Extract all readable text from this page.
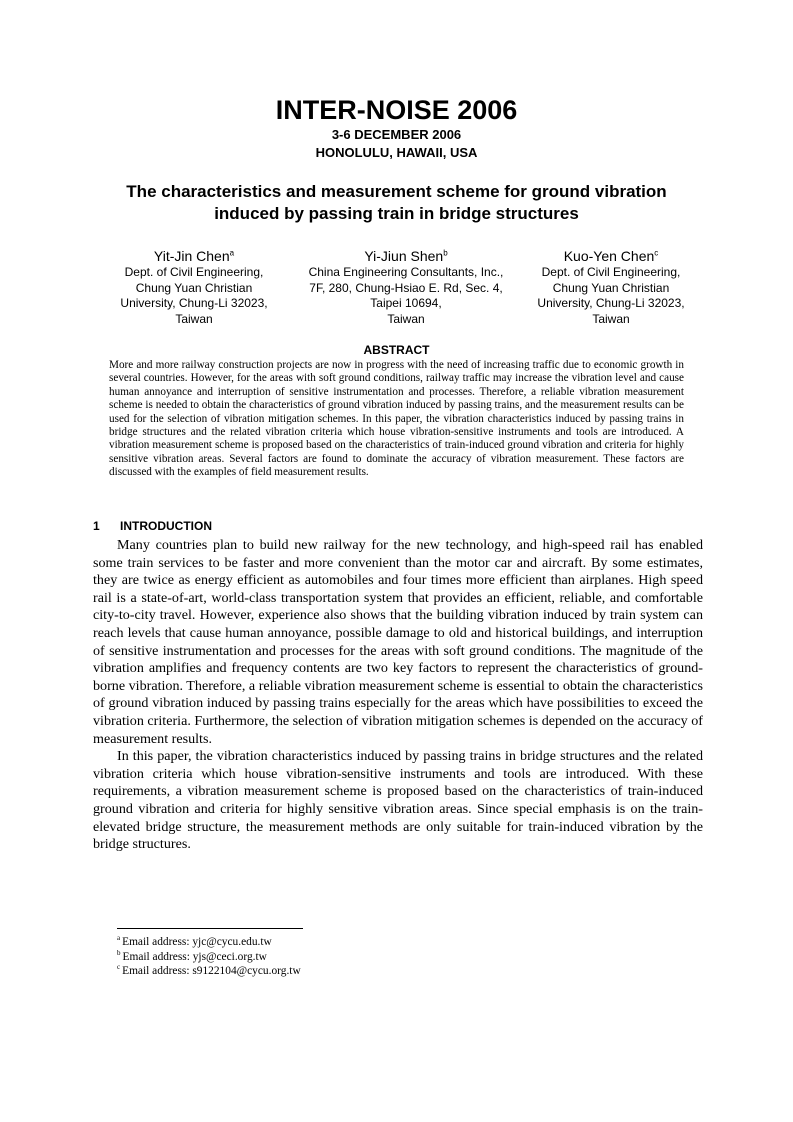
INTER-NOISE 2006
3-6 DECEMBER 2006
HONOLULU, HAWAII, USA
The characteristics and measurement scheme for ground vibration
induced by passing train in bridge structures
Yit-Jin Chen$^a$
Dept. of Civil Engineering,
Chung Yuan Christian
University, Chung-Li 32023,
Taiwan
Yi-Jiun Shen$^b$
China Engineering Consultants, Inc.,
7F, 280, Chung-Hsiao E. Rd, Sec. 4,
Taipei 10694,
Taiwan
Kuo-Yen Chen$^c$
Dept. of Civil Engineering,
Chung Yuan Christian
University, Chung-Li 32023,
Taiwan
ABSTRACT
More and more railway construction projects are now in progress with the need of increasing traffic due to economic growth in several countries. However, for the areas with soft ground conditions, railway traffic may increase the vibration level and cause human annoyance and interruption of sensitive instrumentation and processes. Therefore, a reliable vibration measurement scheme is needed to obtain the characteristics of ground vibration induced by passing trains, and the measurement results can be used for the selection of vibration mitigation schemes. In this paper, the vibration characteristics induced by passing trains in bridge structures and the related vibration criteria which house vibration-sensitive instruments and tools are introduced. A vibration measurement scheme is proposed based on the characteristics of train-induced ground vibration and criteria for highly sensitive vibration areas. Several factors are found to dominate the accuracy of vibration measurement. These factors are discussed with the examples of field measurement results.
1 INTRODUCTION

Many countries plan to build new railway for the new technology, and high-speed rail has enabled some train services to be faster and more convenient than the motor car and aircraft. By some estimates, they are twice as energy efficient as automobiles and four times more efficient than airplanes. High speed rail is a state-of-art, world-class transportation system that provides an efficient, reliable, and comfortable city-to-city travel. However, experience also shows that the building vibration induced by train system can reach levels that cause human annoyance, possible damage to old and historical buildings, and interruption of sensitive instrumentation and processes for the areas with soft ground conditions. The magnitude of the vibration amplifies and frequency contents are two key factors to represent the characteristics of ground-borne vibration. Therefore, a reliable vibration measurement scheme is essential to obtain the characteristics of ground vibration induced by passing trains especially for the areas which have possibilities to exceed the vibration criteria. Furthermore, the selection of vibration mitigation schemes is depended on the accuracy of measurement results.

In this paper, the vibration characteristics induced by passing trains in bridge structures and the related vibration criteria which house vibration-sensitive instruments and tools are introduced. With these requirements, a vibration measurement scheme is proposed based on the characteristics of train-induced ground vibration and criteria for highly sensitive vibration areas. Since special emphasis is on the train-elevated bridge structure, the measurement methods are only suitable for train-induced vibration by the bridge structures.

$^a$ Email address: yjc@cycu.edu.tw
$^b$ Email address: yjs@ceci.org.tw
$^c$ Email address: s9122104@cycu.org.tw
